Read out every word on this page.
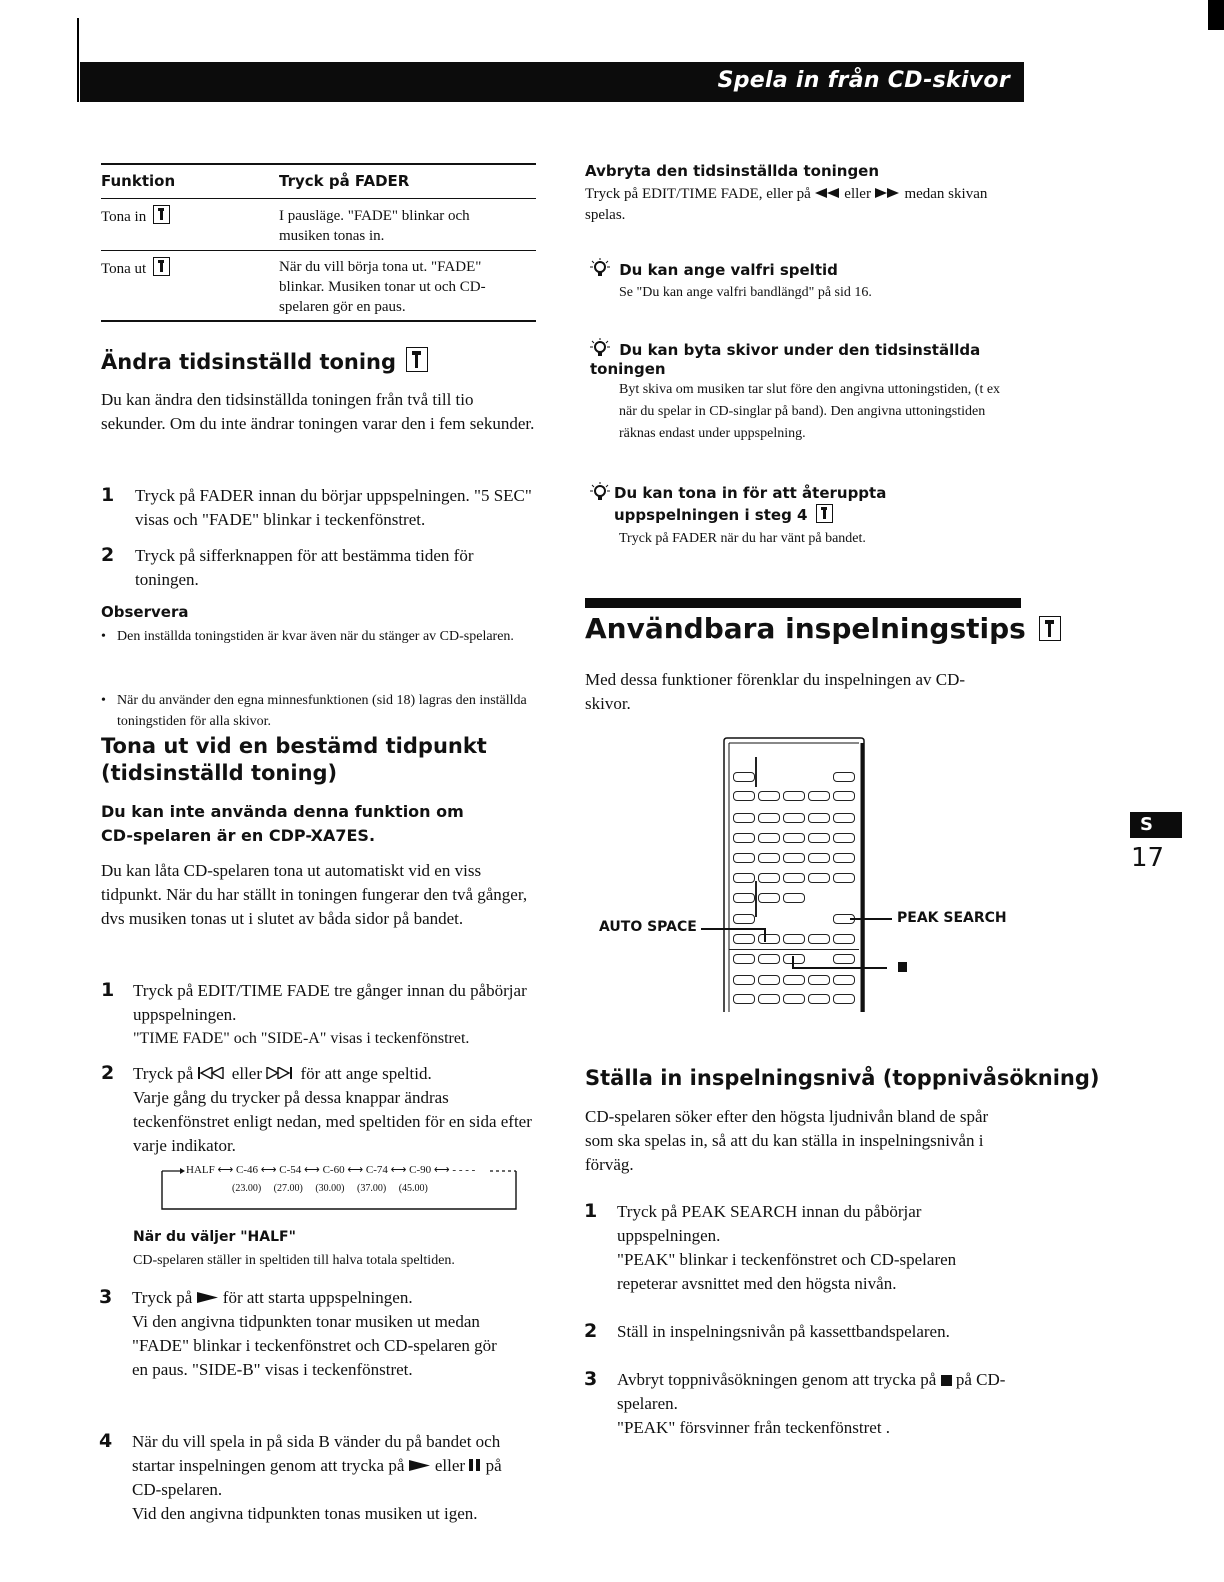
Spela in från CD-skivor
Funktion	Tryck på FADER
Tona in	I pausläge. "FADE" blinkar och musiken tonas in.
Tona ut	När du vill börja tona ut. "FADE" blinkar. Musiken tonar ut och CD-spelaren gör en paus.
Ändra tidsinställd toning
Du kan ändra den tidsinställda toningen från två till tio sekunder. Om du inte ändrar toningen varar den i fem sekunder.
1 Tryck på FADER innan du börjar uppspelningen. "5 SEC" visas och "FADE" blinkar i teckenfönstret.
2 Tryck på sifferknappen för att bestämma tiden för toningen.
Observera
• Den inställda toningstiden är kvar även när du stänger av CD-spelaren.
• När du använder den egna minnesfunktionen (sid 18) lagras den inställda toningstiden för alla skivor.
Tona ut vid en bestämd tidpunkt
(tidsinställd toning)
Du kan inte använda denna funktion om CD-spelaren är en CDP-XA7ES.
Du kan låta CD-spelaren tona ut automatiskt vid en viss tidpunkt. När du har ställt in toningen fungerar den två gånger, dvs musiken tonas ut i slutet av båda sidor på bandet.
1 Tryck på EDIT/TIME FADE tre gånger innan du påbörjar uppspelningen.
"TIME FADE" och "SIDE-A" visas i teckenfönstret.
2 Tryck på eller för att ange speltid.
Varje gång du trycker på dessa knappar ändras teckenfönstret enligt nedan, med speltiden för en sida efter varje indikator.
HALF ⟷ C-46 ⟷ C-54 ⟷ C-60 ⟷ C-74 ⟷ C-90 ⟷ - - - -
(23.00) (27.00) (30.00) (37.00) (45.00)
När du väljer "HALF"
CD-spelaren ställer in speltiden till halva totala speltiden.
3 Tryck på för att starta uppspelningen.
Vi den angivna tidpunkten tonar musiken ut medan "FADE" blinkar i teckenfönstret och CD-spelaren gör en paus. "SIDE-B" visas i teckenfönstret.
4 När du vill spela in på sida B vänder du på bandet och startar inspelningen genom att trycka på eller på CD-spelaren.
Vid den angivna tidpunkten tonas musiken ut igen.
Avbryta den tidsinställda toningen
Tryck på EDIT/TIME FADE, eller på eller medan skivan spelas.
Du kan ange valfri speltid
Se "Du kan ange valfri bandlängd" på sid 16.
Du kan byta skivor under den tidsinställda toningen
Byt skiva om musiken tar slut före den angivna uttoningstiden, (t ex när du spelar in CD-singlar på band). Den angivna uttoningstiden räknas endast under uppspelning.
Du kan tona in för att återuppta uppspelningen i steg 4
Tryck på FADER när du har vänt på bandet.
Användbara inspelningstips
Med dessa funktioner förenklar du inspelningen av CD-skivor.
AUTO SPACE
PEAK SEARCH
Ställa in inspelningsnivå (toppnivåsökning)
CD-spelaren söker efter den högsta ljudnivån bland de spår som ska spelas in, så att du kan ställa in inspelningsnivån i förväg.
1 Tryck på PEAK SEARCH innan du påbörjar uppspelningen.
"PEAK" blinkar i teckenfönstret och CD-spelaren repeterar avsnittet med den högsta nivån.
2 Ställ in inspelningsnivån på kassettbandspelaren.
3 Avbryt toppnivåsökningen genom att trycka på på CD-spelaren.
"PEAK" försvinner från teckenfönstret .
S
17
